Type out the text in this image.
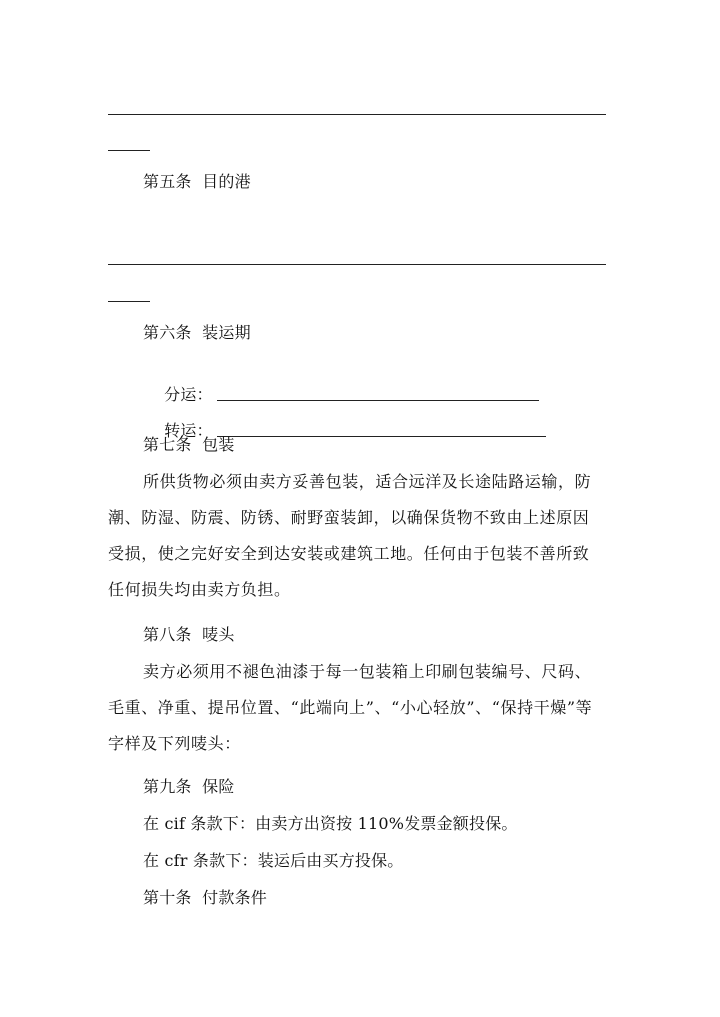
第五条  目的港
第六条  装运期

分运：

转运：

第七条  包装
所供货物必须由卖方妥善包装，适合远洋及长途陆路运输，防潮、防湿、防震、防锈、耐野蛮装卸，以确保货物不致由上述原因受损，使之完好安全到达安装或建筑工地。任何由于包装不善所致任何损失均由卖方负担。
第八条  唛头
卖方必须用不褪色油漆于每一包装箱上印刷包装编号、尺码、毛重、净重、提吊位置、“此端向上”、“小心轻放”、“保持干燥”等字样及下列唛头：
第九条  保险
在 cif 条款下：由卖方出资按 110%发票金额投保。
在 cfr 条款下：装运后由买方投保。
第十条  付款条件
